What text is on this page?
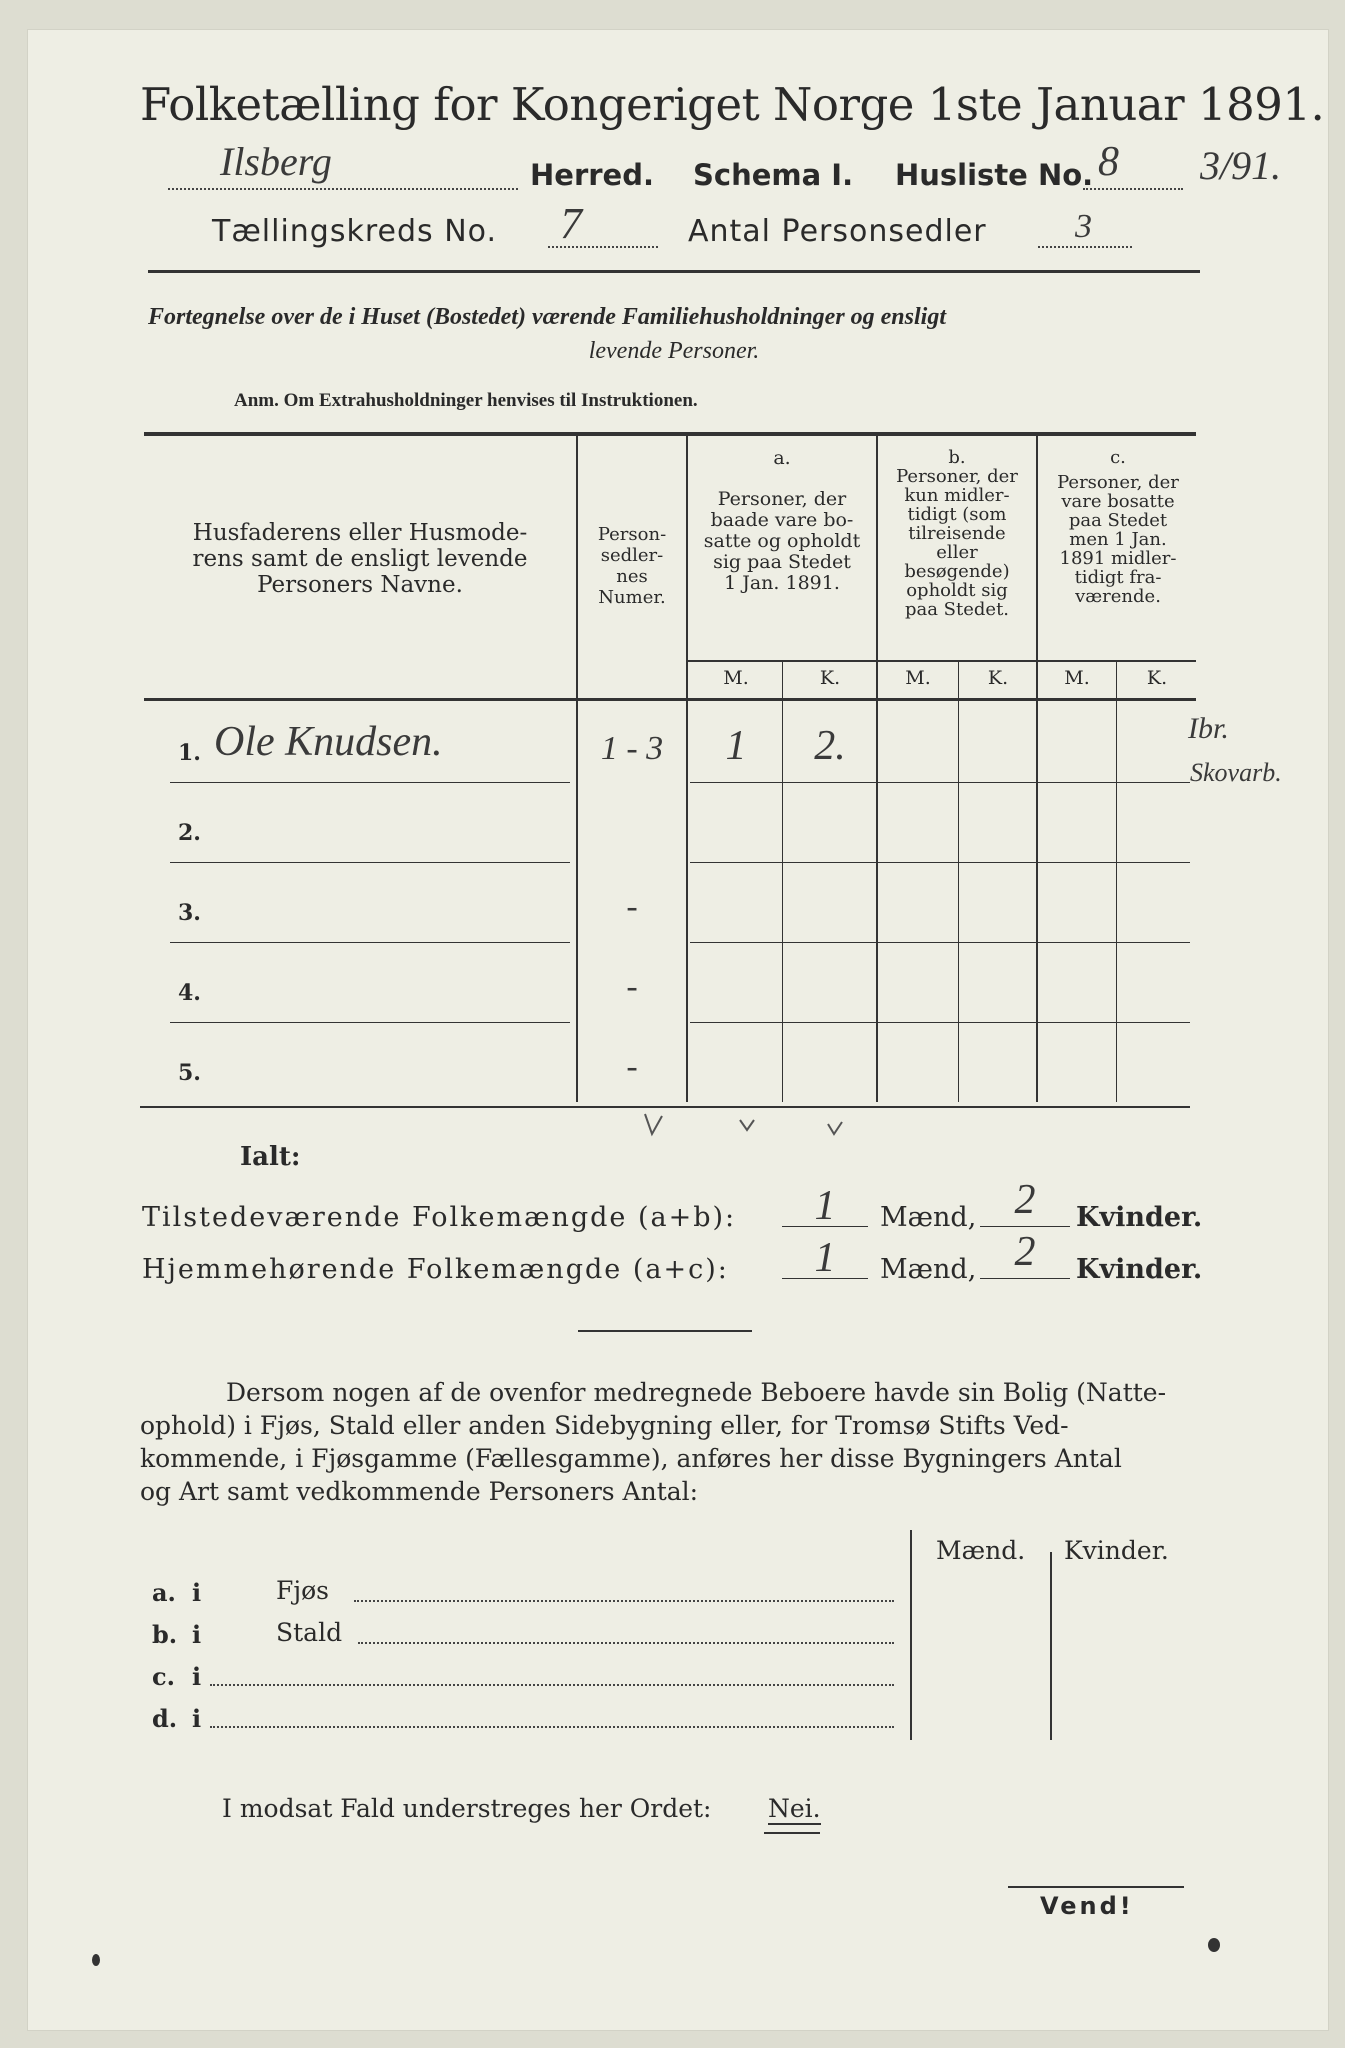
Folketælling for Kongeriget Norge 1ste Januar 1891.
Ilsberg	Herred. Schema I. Husliste No. 8 3/91.
Tællingskreds No. 7	Antal Personsedler	3
Fortegnelse over de i Huset (Bostedet) værende Familiehusholdninger og ensligt
levende Personer.
Anm. Om Extrahusholdninger henvises til Instruktionen.
Husfaderens eller Husmode-
rens samt de ensligt levende
Personers Navne.
Person-
sedler-
nes
Numer.
a.
Personer, der
baade vare bo-
satte og opholdt
sig paa Stedet
1 Jan. 1891.
b.
Personer, der
kun midler-
tidigt (som
tilreisende
eller
besøgende)
opholdt sig
paa Stedet.
c.
Personer, der
vare bosatte
paa Stedet
men 1 Jan.
1891 midler-
tidigt fra-
værende.
M.	K.	M.	K.	M.	K.
1. Ole Knudsen.	1 - 3	1	2.
2.
3.	-
4.	-
5.	-
Ibr.
Skovarb.
Ialt:
Tilstedeværende Folkemængde (a+b):	1	Mænd, 2	Kvinder.
Hjemmehørende Folkemængde (a+c):	1	Mænd, 2	Kvinder.
Dersom nogen af de ovenfor medregnede Beboere havde sin Bolig (Natte-
ophold) i Fjøs, Stald eller anden Sidebygning eller, for Tromsø Stifts Ved-
kommende, i Fjøsgamme (Fællesgamme), anføres her disse Bygningers Antal
og Art samt vedkommende Personers Antal:
Mænd. Kvinder.
a. i	Fjøs
b. i	Stald
c. i
d. i
I modsat Fald understreges her Ordet: Nei.
Vend!
